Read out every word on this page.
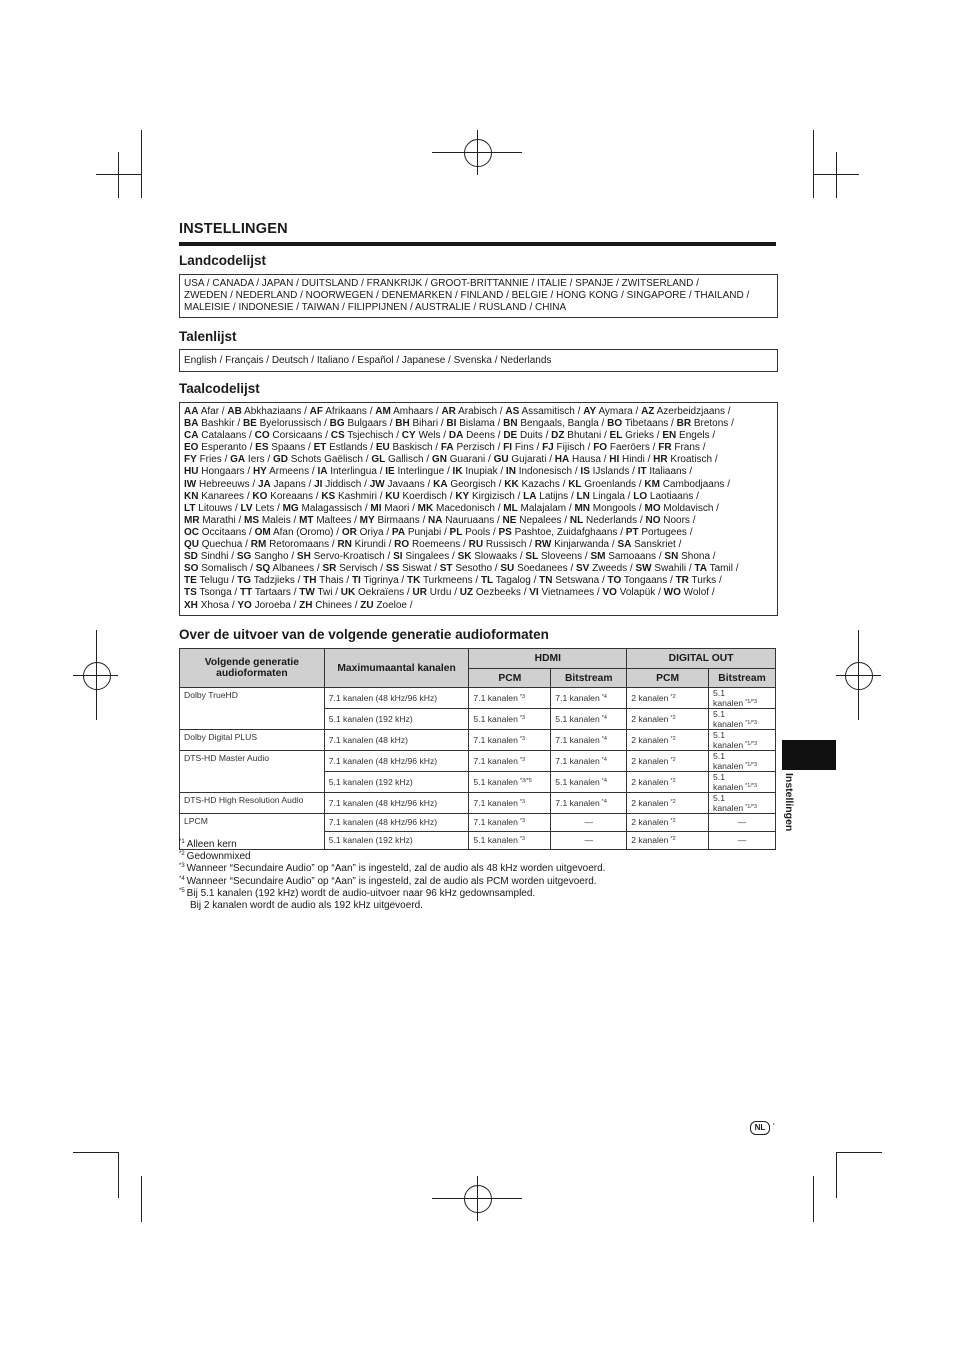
INSTELLINGEN
Landcodelijst
USA / CANADA / JAPAN / DUITSLAND / FRANKRIJK / GROOT-BRITTANNIE / ITALIE / SPANJE / ZWITSERLAND /
ZWEDEN / NEDERLAND / NOORWEGEN / DENEMARKEN / FINLAND / BELGIE / HONG KONG / SINGAPORE / THAILAND /
MALEISIE / INDONESIE / TAIWAN / FILIPPIJNEN / AUSTRALIE / RUSLAND / CHINA
Talenlijst
English / Français / Deutsch / Italiano / Español / Japanese / Svenska / Nederlands
Taalcodelijst
AA Afar / AB Abkhaziaans / AF Afrikaans / AM Amhaars / AR Arabisch / AS Assamitisch / AY Aymara / AZ Azerbeidzjaans /
BA Bashkir / BE Byelorussisch / BG Bulgaars / BH Bihari / BI Bislama / BN Bengaals, Bangla / BO Tibetaans / BR Bretons /
CA Catalaans / CO Corsicaans / CS Tsjechisch / CY Wels / DA Deens / DE Duits / DZ Bhutani / EL Grieks / EN Engels /
EO Esperanto / ES Spaans / ET Estlands / EU Baskisch / FA Perzisch / FI Fins / FJ Fijisch / FO Faeröers / FR Frans /
FY Fries / GA Iers / GD Schots Gaëlisch / GL Gallisch / GN Guarani / GU Gujarati / HA Hausa / HI Hindi / HR Kroatisch /
HU Hongaars / HY Armeens / IA Interlingua / IE Interlingue / IK Inupiak / IN Indonesisch / IS IJslands / IT Italiaans /
IW Hebreeuws / JA Japans / JI Jiddisch / JW Javaans / KA Georgisch / KK Kazachs / KL Groenlands / KM Cambodjaans /
KN Kanarees / KO Koreaans / KS Kashmiri / KU Koerdisch / KY Kirgizisch / LA Latijns / LN Lingala / LO Laotiaans /
LT Litouws / LV Lets / MG Malagassisch / MI Maori / MK Macedonisch / ML Malajalam / MN Mongools / MO Moldavisch /
MR Marathi / MS Maleis / MT Maltees / MY Birmaans / NA Nauruaans / NE Nepalees / NL Nederlands / NO Noors /
OC Occitaans / OM Afan (Oromo) / OR Oriya / PA Punjabi / PL Pools / PS Pashtoe, Zuidafghaans / PT Portugees /
QU Quechua / RM Retoromaans / RN Kirundi / RO Roemeens / RU Russisch / RW Kinjarwanda / SA Sanskriet /
SD Sindhi / SG Sangho / SH Servo-Kroatisch / SI Singalees / SK Slowaaks / SL Sloveens / SM Samoaans / SN Shona /
SO Somalisch / SQ Albanees / SR Servisch / SS Siswat / ST Sesotho / SU Soedanees / SV Zweeds / SW Swahili / TA Tamil /
TE Telugu / TG Tadzjieks / TH Thais / TI Tigrinya / TK Turkmeens / TL Tagalog / TN Setswana / TO Tongaans / TR Turks /
TS Tsonga / TT Tartaars / TW Twi / UK Oekraïens / UR Urdu / UZ Oezbeeks / VI Vietnamees / VO Volapük / WO Wolof /
XH Xhosa / YO Joroeba / ZH Chinees / ZU Zoeloe /
Over de uitvoer van de volgende generatie audioformaten
Volgende generatie audioformaten	Maximumaantal kanalen	HDMI		DIGITAL OUT	
		PCM	Bitstream	PCM	Bitstream
Dolby TrueHD	7.1 kanalen (48 kHz/96 kHz)	7.1 kanalen $^{*3}$	7.1 kanalen $^{*4}$	2 kanalen $^{*2}$	5.1 kanalen $^{*1/*3}$
	5.1 kanalen (192 kHz)	5.1 kanalen $^{*3}$	5.1 kanalen $^{*4}$	2 kanalen $^{*2}$	5.1 kanalen $^{*1/*3}$
Dolby Digital PLUS	7.1 kanalen (48 kHz)	7.1 kanalen $^{*3}$	7.1 kanalen $^{*4}$	2 kanalen $^{*2}$	5.1 kanalen $^{*1/*3}$
DTS-HD Master Audio	7.1 kanalen (48 kHz/96 kHz)	7.1 kanalen $^{*3}$	7.1 kanalen $^{*4}$	2 kanalen $^{*2}$	5.1 kanalen $^{*1/*3}$
	5.1 kanalen (192 kHz)	5.1 kanalen $^{*3/*5}$	5.1 kanalen $^{*4}$	2 kanalen $^{*2}$	5.1 kanalen $^{*1/*3}$
DTS-HD High Resolution Audio	7.1 kanalen (48 kHz/96 kHz)	7.1 kanalen $^{*3}$	7.1 kanalen $^{*4}$	2 kanalen $^{*2}$	5.1 kanalen $^{*1/*3}$
LPCM	7.1 kanalen (48 kHz/96 kHz)	7.1 kanalen $^{*3}$	—	2 kanalen $^{*2}$	—
	5.1 kanalen (192 kHz)	5.1 kanalen $^{*3}$	—	2 kanalen $^{*2}$	—
$^{*1}$ Alleen kern
$^{*2}$ Gedownmixed
$^{*3}$ Wanneer “Secundaire Audio” op “Aan” is ingesteld, zal de audio als 48 kHz worden uitgevoerd.
$^{*4}$ Wanneer “Secundaire Audio” op “Aan” is ingesteld, zal de audio als PCM worden uitgevoerd.
$^{*5}$ Bij 5.1 kanalen (192 kHz) wordt de audio-uitvoer naar 96 kHz gedownsampled.
Bij 2 kanalen wordt de audio als 192 kHz uitgevoerd.
Instellingen
NL ·
